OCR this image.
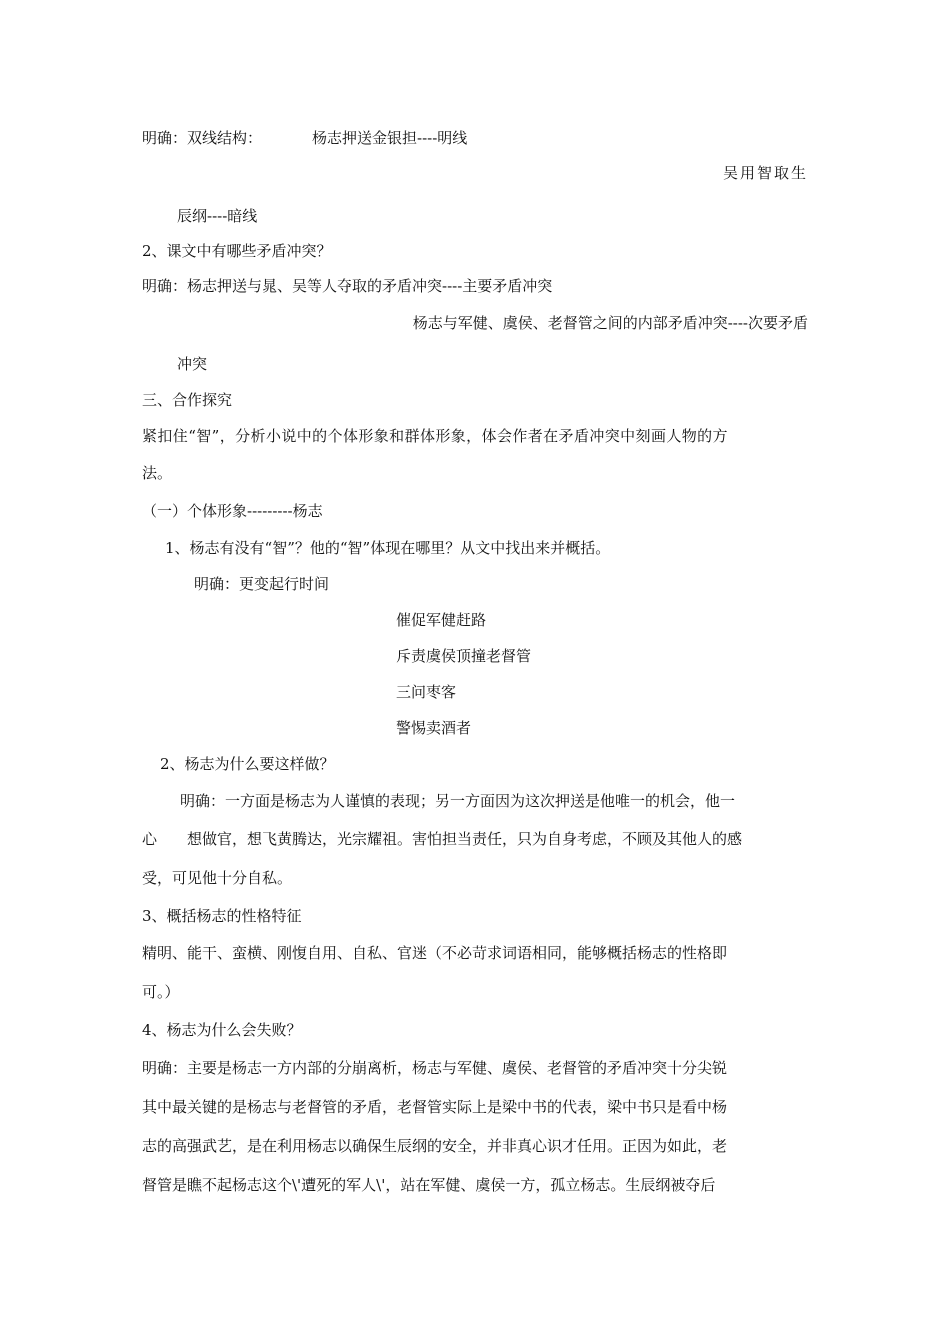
明确：双线结构：	杨志押送金银担----明线
吴用智取生
辰纲----暗线
2、课文中有哪些矛盾冲突？
明确：杨志押送与晁、吴等人夺取的矛盾冲突----主要矛盾冲突
杨志与军健、虞侯、老督管之间的内部矛盾冲突----次要矛盾
冲突
三、合作探究
紧扣住“智”，分析小说中的个体形象和群体形象，体会作者在矛盾冲突中刻画人物的方
法。
（一）个体形象---------杨志
1、杨志有没有“智”？他的“智”体现在哪里？从文中找出来并概括。
明确：更变起行时间
催促军健赶路
斥责虞侯顶撞老督管
三问枣客
警惕卖酒者
2、杨志为什么要这样做？
明确：一方面是杨志为人谨慎的表现；另一方面因为这次押送是他唯一的机会，他一
心 想做官，想飞黄腾达，光宗耀祖。害怕担当责任，只为自身考虑，不顾及其他人的感
受，可见他十分自私。
3、概括杨志的性格特征
精明、能干、蛮横、刚愎自用、自私、官迷（不必苛求词语相同，能够概括杨志的性格即
可。）
4、杨志为什么会失败？
明确：主要是杨志一方内部的分崩离析，杨志与军健、虞侯、老督管的矛盾冲突十分尖锐
其中最关键的是杨志与老督管的矛盾，老督管实际上是梁中书的代表，梁中书只是看中杨
志的高强武艺，是在利用杨志以确保生辰纲的安全，并非真心识才任用。正因为如此，老
督管是瞧不起杨志这个\'遭死的军人\'，站在军健、虞侯一方，孤立杨志。生辰纲被夺后
